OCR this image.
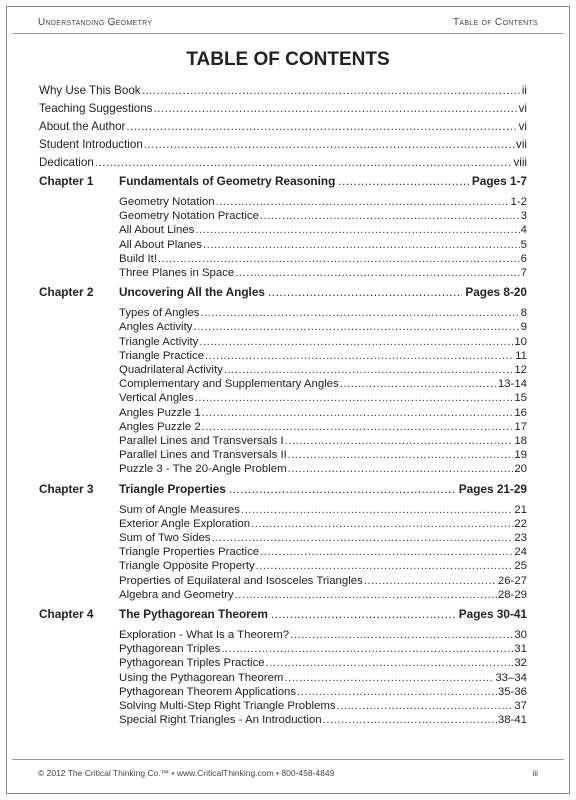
Understanding Geometry	Table of Contents
TABLE OF CONTENTS
Why Use This Book .....	ii
Teaching Suggestions .....	vi
About the Author .....	vi
Student Introduction .....	vii
Dedication .....	viii
Chapter 1	Fundamentals of Geometry Reasoning .....	Pages 1-7
Geometry Notation .....	1-2
Geometry Notation Practice .....	3
All About Lines .....	4
All About Planes .....	5
Build It! .....	6
Three Planes in Space .....	7
Chapter 2	Uncovering All the Angles .....	Pages 8-20
Types of Angles .....	8
Angles Activity .....	9
Triangle Activity .....	10
Triangle Practice .....	11
Quadrilateral Activity .....	12
Complementary and Supplementary Angles .....	13-14
Vertical Angles .....	15
Angles Puzzle 1 .....	16
Angles Puzzle 2 .....	17
Parallel Lines and Transversals I .....	18
Parallel Lines and Transversals II .....	19
Puzzle 3 - The 20-Angle Problem .....	20
Chapter 3	Triangle Properties .....	Pages 21-29
Sum of Angle Measures .....	21
Exterior Angle Exploration .....	22
Sum of Two Sides .....	23
Triangle Properties Practice .....	24
Triangle Opposite Property .....	25
Properties of Equilateral and Isosceles Triangles .....	26-27
Algebra and Geometry .....	28-29
Chapter 4	The Pythagorean Theorem .....	Pages 30-41
Exploration - What Is a Theorem? .....	30
Pythagorean Triples .....	31
Pythagorean Triples Practice .....	32
Using the Pythagorean Theorem .....	33–34
Pythagorean Theorem Applications .....	35-36
Solving Multi-Step Right Triangle Problems .....	37
Special Right Triangles - An Introduction .....	38-41
© 2012 The Critical Thinking Co.™ • www.CriticalThinking.com • 800-458-4849	iii
